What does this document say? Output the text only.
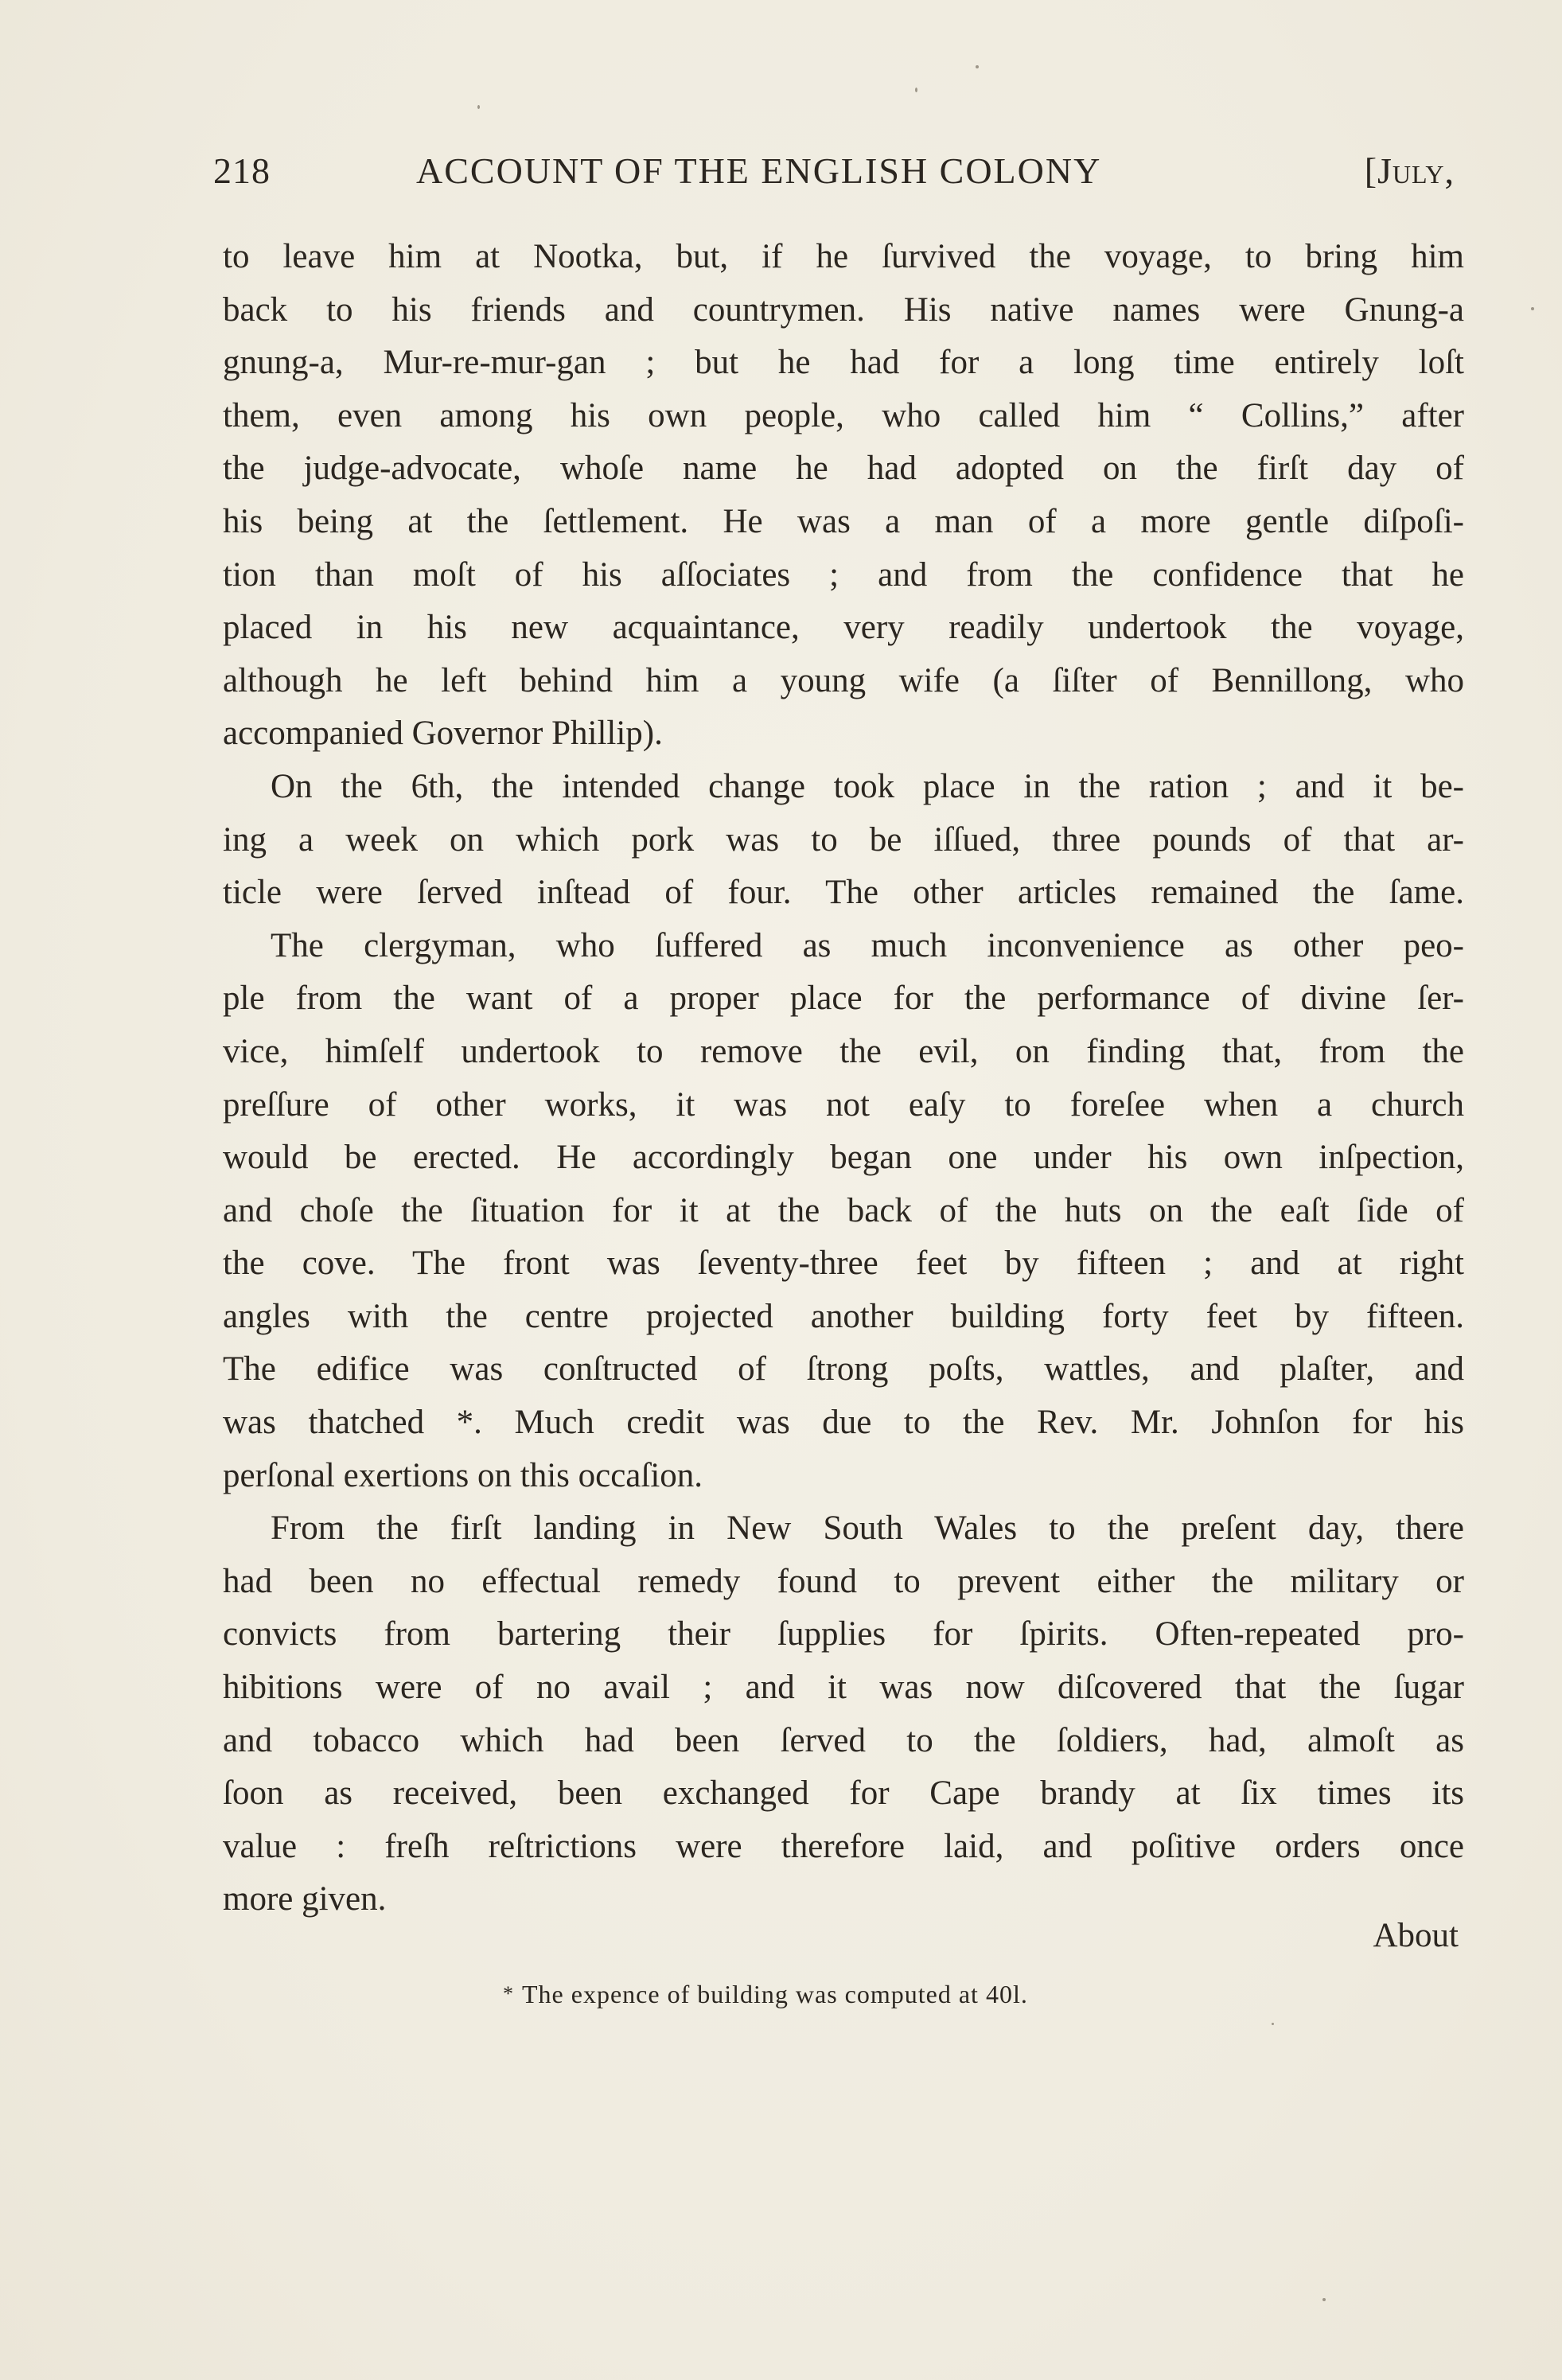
218	ACCOUNT OF THE ENGLISH COLONY	[July,
to leave him at Nootka, but, if he ſurvived the voyage, to bring him
back to his friends and countrymen. His native names were Gnung-a
gnung-a, Mur-re-mur-gan ; but he had for a long time entirely loſt
them, even among his own people, who called him “ Collins,” after
the judge-advocate, whoſe name he had adopted on the firſt day of
his being at the ſettlement. He was a man of a more gentle diſpoſi-
tion than moſt of his aſſociates ; and from the confidence that he
placed in his new acquaintance, very readily undertook the voyage,
although he left behind him a young wife (a ſiſter of Bennillong, who
accompanied Governor Phillip).
On the 6th, the intended change took place in the ration ; and it be-
ing a week on which pork was to be iſſued, three pounds of that ar-
ticle were ſerved inſtead of four. The other articles remained the ſame.
The clergyman, who ſuffered as much inconvenience as other peo-
ple from the want of a proper place for the performance of divine ſer-
vice, himſelf undertook to remove the evil, on finding that, from the
preſſure of other works, it was not eaſy to foreſee when a church
would be erected. He accordingly began one under his own inſpection,
and choſe the ſituation for it at the back of the huts on the eaſt ſide of
the cove. The front was ſeventy-three feet by fifteen ; and at right
angles with the centre projected another building forty feet by fifteen.
The edifice was conſtructed of ſtrong poſts, wattles, and plaſter, and
was thatched *. Much credit was due to the Rev. Mr. Johnſon for his
perſonal exertions on this occaſion.
From the firſt landing in New South Wales to the preſent day, there
had been no effectual remedy found to prevent either the military or
convicts from bartering their ſupplies for ſpirits. Often-repeated pro-
hibitions were of no avail ; and it was now diſcovered that the ſugar
and tobacco which had been ſerved to the ſoldiers, had, almoſt as
ſoon as received, been exchanged for Cape brandy at ſix times its
value : freſh reſtrictions were therefore laid, and poſitive orders once
more given.
About
* The expence of building was computed at 40l.
